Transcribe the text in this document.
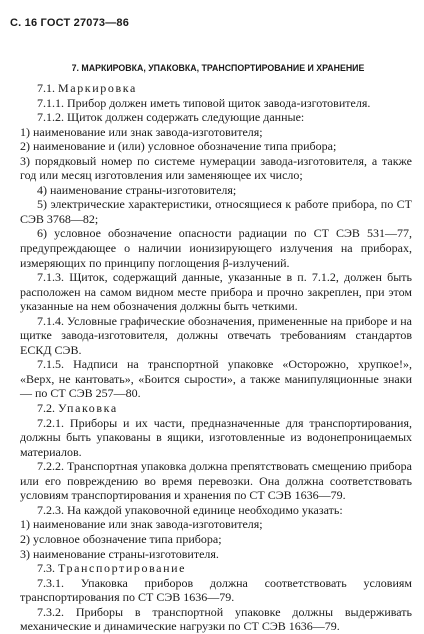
С. 16 ГОСТ 27073—86
7. МАРКИРОВКА, УПАКОВКА, ТРАНСПОРТИРОВАНИЕ И ХРАНЕНИЕ

7.1. Маркировка

7.1.1. Прибор должен иметь типовой щиток завода-изготовителя.

7.1.2. Щиток должен содержать следующие данные:

1) наименование или знак завода-изготовителя;

2) наименование и (или) условное обозначение типа прибора;

3) порядковый номер по системе нумерации завода-изготовителя, а также год или месяц изготовления или заменяющее их число;

4) наименование страны-изготовителя;

5) электрические характеристики, относящиеся к работе прибора, по СТ СЭВ 3768—82;

6) условное обозначение опасности радиации по СТ СЭВ 531—77, предупреждающее о наличии ионизирующего излучения на приборах, измеряющих по принципу поглощения β-излучений.

7.1.3. Щиток, содержащий данные, указанные в п. 7.1.2, должен быть расположен на самом видном месте прибора и прочно закреплен, при этом указанные на нем обозначения должны быть четкими.

7.1.4. Условные графические обозначения, примененные на приборе и на щитке завода-изготовителя, должны отвечать требованиям стандартов ЕСКД СЭВ.

7.1.5. Надписи на транспортной упаковке «Осторожно, хрупкое!», «Верх, не кантовать», «Боится сырости», а также манипуляционные знаки — по СТ СЭВ 257—80.

7.2. Упаковка

7.2.1. Приборы и их части, предназначенные для транспортирования, должны быть упакованы в ящики, изготовленные из водонепроницаемых материалов.

7.2.2. Транспортная упаковка должна препятствовать смещению прибора или его повреждению во время перевозки. Она должна соответствовать условиям транспортирования и хранения по СТ СЭВ 1636—79.

7.2.3. На каждой упаковочной единице необходимо указать:

1) наименование или знак завода-изготовителя;

2) условное обозначение типа прибора;

3) наименование страны-изготовителя.

7.3. Транспортирование

7.3.1. Упаковка приборов должна соответствовать условиям транспортирования по СТ СЭВ 1636—79.

7.3.2. Приборы в транспортной упаковке должны выдерживать механические и динамические нагрузки по СТ СЭВ 1636—79.
